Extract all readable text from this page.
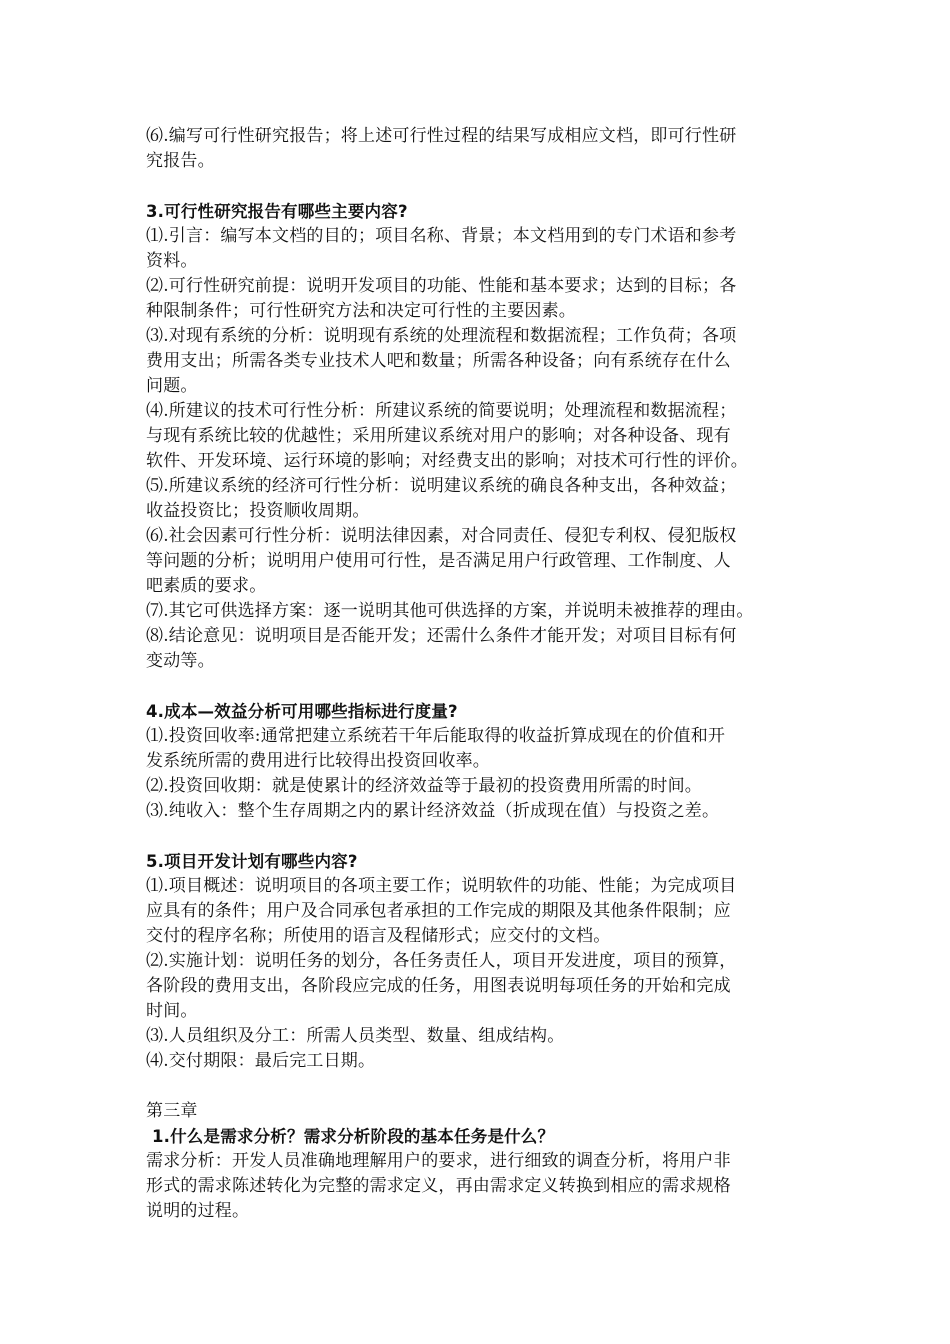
⑹.编写可行性研究报告；将上述可行性过程的结果写成相应文档，即可行性研
究报告。
3.可行性研究报告有哪些主要内容?
⑴.引言：编写本文档的目的；项目名称、背景；本文档用到的专门术语和参考
资料。
⑵.可行性研究前提：说明开发项目的功能、性能和基本要求；达到的目标；各
种限制条件；可行性研究方法和决定可行性的主要因素。
⑶.对现有系统的分析：说明现有系统的处理流程和数据流程；工作负荷；各项
费用支出；所需各类专业技术人吧和数量；所需各种设备；向有系统存在什么
问题。
⑷.所建议的技术可行性分析：所建议系统的简要说明；处理流程和数据流程；
与现有系统比较的优越性；采用所建议系统对用户的影响；对各种设备、现有
软件、开发环境、运行环境的影响；对经费支出的影响；对技术可行性的评价。
⑸.所建议系统的经济可行性分析：说明建议系统的确良各种支出，各种效益；
收益投资比；投资顺收周期。
⑹.社会因素可行性分析：说明法律因素，对合同责任、侵犯专利权、侵犯版权
等问题的分析；说明用户使用可行性，是否满足用户行政管理、工作制度、人
吧素质的要求。
⑺.其它可供选择方案：逐一说明其他可供选择的方案，并说明未被推荐的理由。
⑻.结论意见：说明项目是否能开发；还需什么条件才能开发；对项目目标有何
变动等。
4.成本—效益分析可用哪些指标进行度量?
⑴.投资回收率:通常把建立系统若干年后能取得的收益折算成现在的价值和开
发系统所需的费用进行比较得出投资回收率。
⑵.投资回收期：就是使累计的经济效益等于最初的投资费用所需的时间。
⑶.纯收入：整个生存周期之内的累计经济效益（折成现在值）与投资之差。
5.项目开发计划有哪些内容?
⑴.项目概述：说明项目的各项主要工作；说明软件的功能、性能；为完成项目
应具有的条件；用户及合同承包者承担的工作完成的期限及其他条件限制；应
交付的程序名称；所使用的语言及程储形式；应交付的文档。
⑵.实施计划：说明任务的划分，各任务责任人，项目开发进度，项目的预算，
各阶段的费用支出，各阶段应完成的任务，用图表说明每项任务的开始和完成
时间。
⑶.人员组织及分工：所需人员类型、数量、组成结构。
⑷.交付期限：最后完工日期。
第三章
1.什么是需求分析？需求分析阶段的基本任务是什么？
需求分析：开发人员准确地理解用户的要求，进行细致的调查分析，将用户非
形式的需求陈述转化为完整的需求定义，再由需求定义转换到相应的需求规格
说明的过程。
